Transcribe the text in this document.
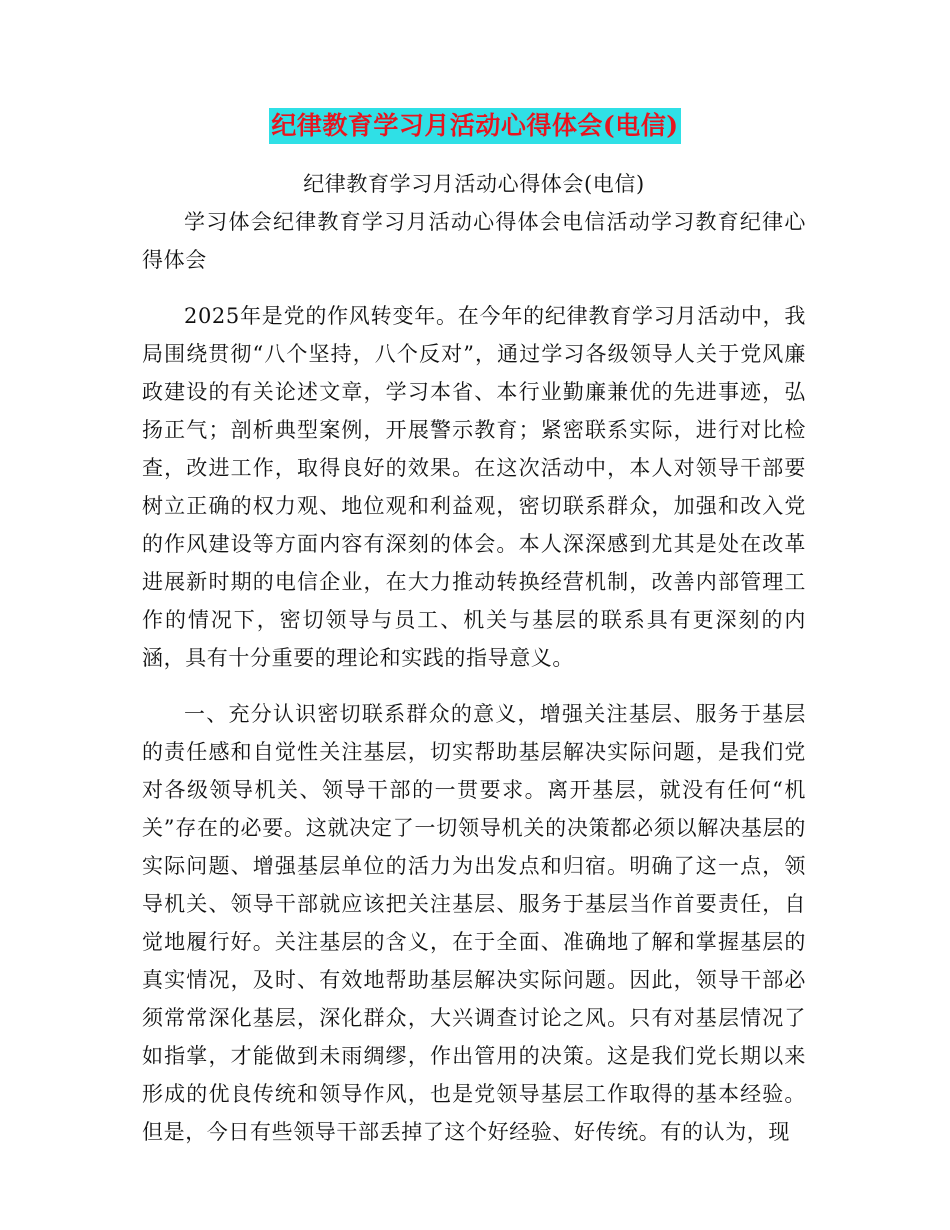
纪律教育学习月活动心得体会(电信)

纪律教育学习月活动心得体会(电信)

学习体会纪律教育学习月活动心得体会电信活动学习教育纪律心得体会

2025年是党的作风转变年。在今年的纪律教育学习月活动中，我局围绕贯彻“八个坚持，八个反对”，通过学习各级领导人关于党风廉政建设的有关论述文章，学习本省、本行业勤廉兼优的先进事迹，弘扬正气；剖析典型案例，开展警示教育；紧密联系实际，进行对比检查，改进工作，取得良好的效果。在这次活动中，本人对领导干部要树立正确的权力观、地位观和利益观，密切联系群众，加强和改入党的作风建设等方面内容有深刻的体会。本人深深感到尤其是处在改革进展新时期的电信企业，在大力推动转换经营机制，改善内部管理工作的情况下，密切领导与员工、机关与基层的联系具有更深刻的内涵，具有十分重要的理论和实践的指导意义。

一、充分认识密切联系群众的意义，增强关注基层、服务于基层的责任感和自觉性关注基层，切实帮助基层解决实际问题，是我们党对各级领导机关、领导干部的一贯要求。离开基层，就没有任何“机关”存在的必要。这就决定了一切领导机关的决策都必须以解决基层的实际问题、增强基层单位的活力为出发点和归宿。明确了这一点，领导机关、领导干部就应该把关注基层、服务于基层当作首要责任，自觉地履行好。关注基层的含义，在于全面、准确地了解和掌握基层的真实情况，及时、有效地帮助基层解决实际问题。因此，领导干部必须常常深化基层，深化群众，大兴调查讨论之风。只有对基层情况了如指掌，才能做到未雨绸缪，作出管用的决策。这是我们党长期以来形成的优良传统和领导作风，也是党领导基层工作取得的基本经验。但是，今日有些领导干部丢掉了这个好经验、好传统。有的认为，现
